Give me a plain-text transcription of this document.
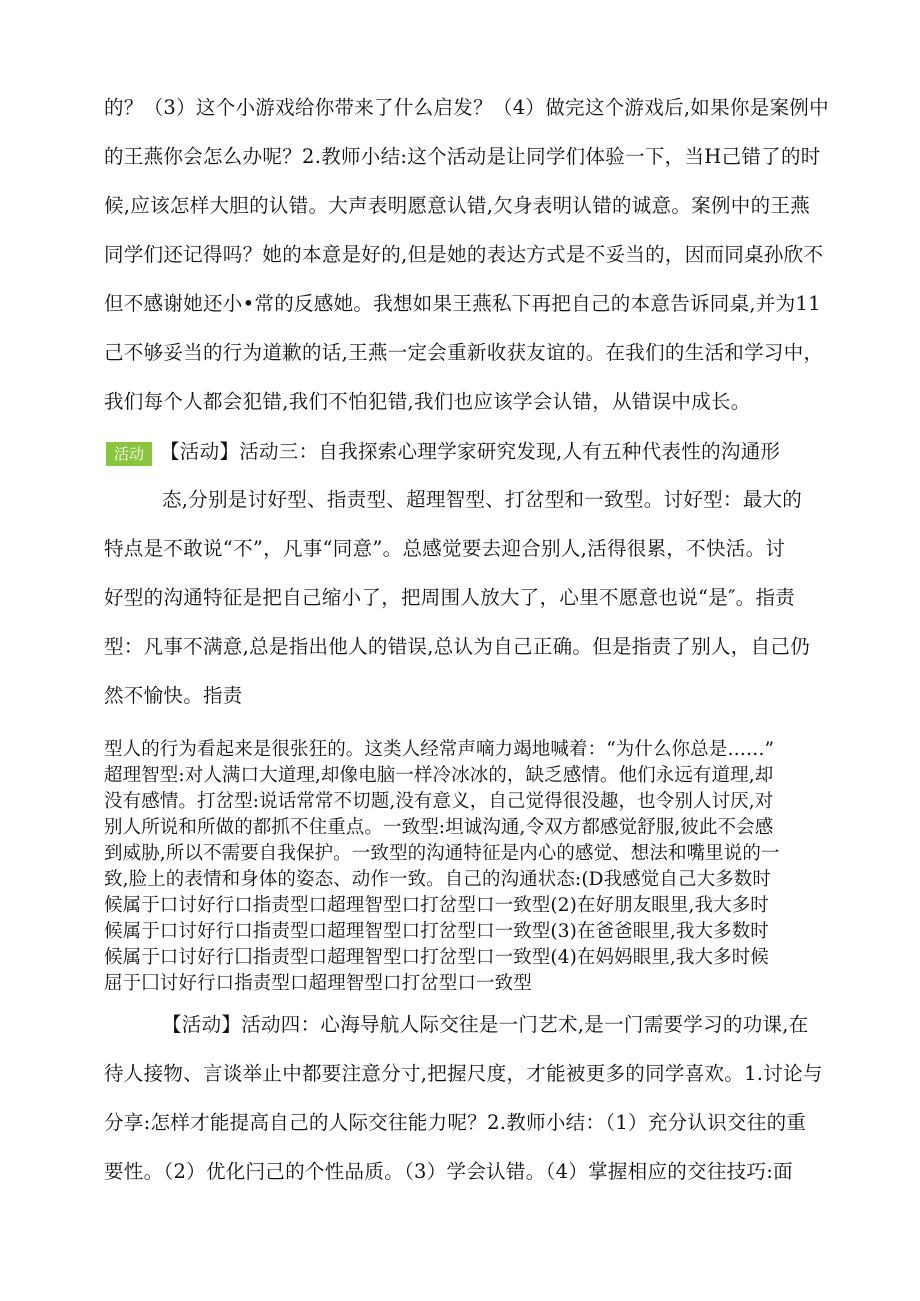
的？（3）这个小游戏给你带来了什么启发？（4）做完这个游戏后,如果你是案例中
的王燕你会怎么办呢？2.教师小结:这个活动是让同学们体验一下，当H己错了的时
候,应该怎样大胆的认错。大声表明愿意认错,欠身表明认错的诚意。案例中的王燕
同学们还记得吗？她的本意是好的,但是她的表达方式是不妥当的，因而同桌孙欣不
但不感谢她还小•常的反感她。我想如果王燕私下再把自己的本意告诉同桌,并为11
己不够妥当的行为道歉的话,王燕一定会重新收获友谊的。在我们的生活和学习中，
我们每个人都会犯错,我们不怕犯错,我们也应该学会认错，从错误中成长。
活动 【活动】活动三：自我探索心理学家研究发现,人有五种代表性的沟通形
态,分别是讨好型、指责型、超理智型、打岔型和一致型。讨好型：最大的
特点是不敢说“不”，凡事“同意”。总感觉要去迎合别人,活得很累，不快活。讨
好型的沟通特征是把自己缩小了，把周围人放大了，心里不愿意也说“是″。指责
型：凡事不满意,总是指出他人的错误,总认为自己正确。但是指责了别人，自己仍
然不愉快。指责
型人的行为看起来是很张狂的。这类人经常声嘀力竭地喊着：“为什么你总是……”
超理智型:对人满口大道理,却像电脑一样冷冰冰的，缺乏感情。他们永远有道理,却
没有感情。打岔型:说话常常不切题,没有意义，自己觉得很没趣，也令别人讨厌,对
别人所说和所做的都抓不住重点。一致型:坦诚沟通,令双方都感觉舒服,彼此不会感
到威胁,所以不需要自我保护。一致型的沟通特征是内心的感觉、想法和嘴里说的一
致,脸上的表情和身体的姿态、动作一致。自己的沟通状态:(D我感觉自己大多数时
候属于口讨好行口指责型口超理智型口打岔型口一致型(2)在好朋友眼里,我大多时
候属于口讨好行口指责型口超理智型口打岔型口一致型(3)在爸爸眼里,我大多数时
候属于口讨好行囗指责型口超理智型口打岔型口一致型(4)在妈妈眼里,我大多时候
屈于囗讨好行口指责型口超理智型口打岔型口一致型
【活动】活动四：心海导航人际交往是一门艺术,是一门需要学习的功课,在
待人接物、言谈举止中都要注意分寸,把握尺度，才能被更多的同学喜欢。1.讨论与
分享:怎样才能提高自己的人际交往能力呢？2.教师小结：（1）充分认识交往的重
要性。（2）优化闩己的个性品质。（3）学会认错。（4）掌握相应的交往技巧:面
